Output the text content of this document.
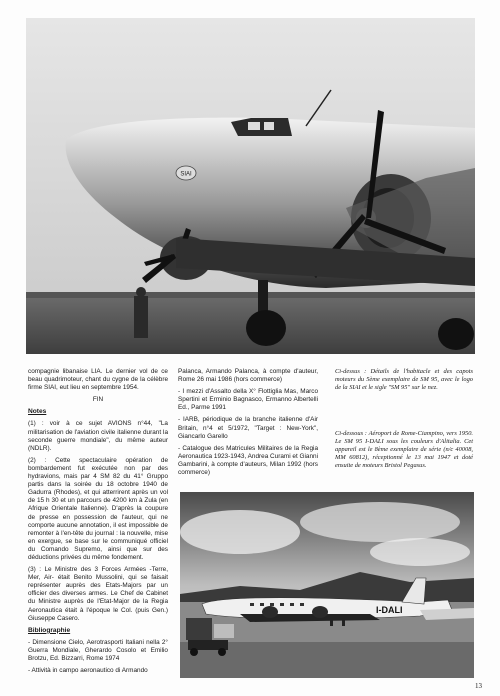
SIAI

compagnie libanaise LIA. Le dernier vol de ce beau quadrimoteur, chant du cygne de la célèbre firme SIAI, eut lieu en septembre 1954.

FIN

Notes

(1) : voir à ce sujet AVIONS n°44, "La militarisation de l'aviation civile italienne durant la seconde guerre mondiale", du même auteur (NDLR).

(2) : Cette spectaculaire opération de bombardement fut exécutée non par des hydravions, mais par 4 SM 82 du 41° Gruppo partis dans la soirée du 18 octobre 1940 de Gadurra (Rhodes), et qui atterrirent après un vol de 15 h 30 et un parcours de 4200 km à Zula (en Afrique Orientale Italienne). D'après la coupure de presse en possession de l'auteur, qui ne comporte aucune annotation, il est impossible de remonter à l'en-tête du journal : la nouvelle, mise en exergue, se base sur le communiqué officiel du Comando Supremo, ainsi que sur des déductions privées du même fondement.

(3) : Le Ministre des 3 Forces Armées -Terre, Mer, Air- était Benito Mussolini, qui se faisait représenter auprès des Etats-Majors par un officier des diverses armes. Le Chef de Cabinet du Ministre auprès de l'Etat-Major de la Regia Aeronautica était à l'époque le Col. (puis Gen.) Giuseppe Casero.

Bibliographie

- Dimensione Cielo, Aerotrasporti Italiani nella 2° Guerra Mondiale, Gherardo Cosolo et Emilio Brotzu, Ed. Bizzarri, Rome 1974

- Attività in campo aeronautico di Armando

Palanca, Armando Palanca, à compte d'auteur, Rome 26 mai 1986 (hors commerce)

- I mezzi d'Assalto della X° Flottiglia Mas, Marco Spertini et Erminio Bagnasco, Ermanno Albertelli Ed., Parme 1991

- IARB, périodique de la branche italienne d'Air Britain, n°4 et 5/1972, "Target : New-York", Giancarlo Garello

- Catalogue des Matricules Militaires de la Regia Aeronautica 1923-1943, Andrea Curami et Gianni Gambarini, à compte d'auteurs, Milan 1992 (hors commerce)

Ci-dessus : Détails de l'habitacle et des capots moteurs du 5ème exemplaire de SM 95, avec le logo de la SIAI et le sigle "SM 95" sur le nez.
Ci-dessous : Aéroport de Rome-Ciampino, vers 1950. Le SM 95 I-DALI sous les couleurs d'Alitalia. Cet appareil est le 8ème exemplaire de série (n/c 40008, MM 60812), réceptionné le 13 mai 1947 et doté ensuite de moteurs Bristol Pegasus.
I-DALI
13
